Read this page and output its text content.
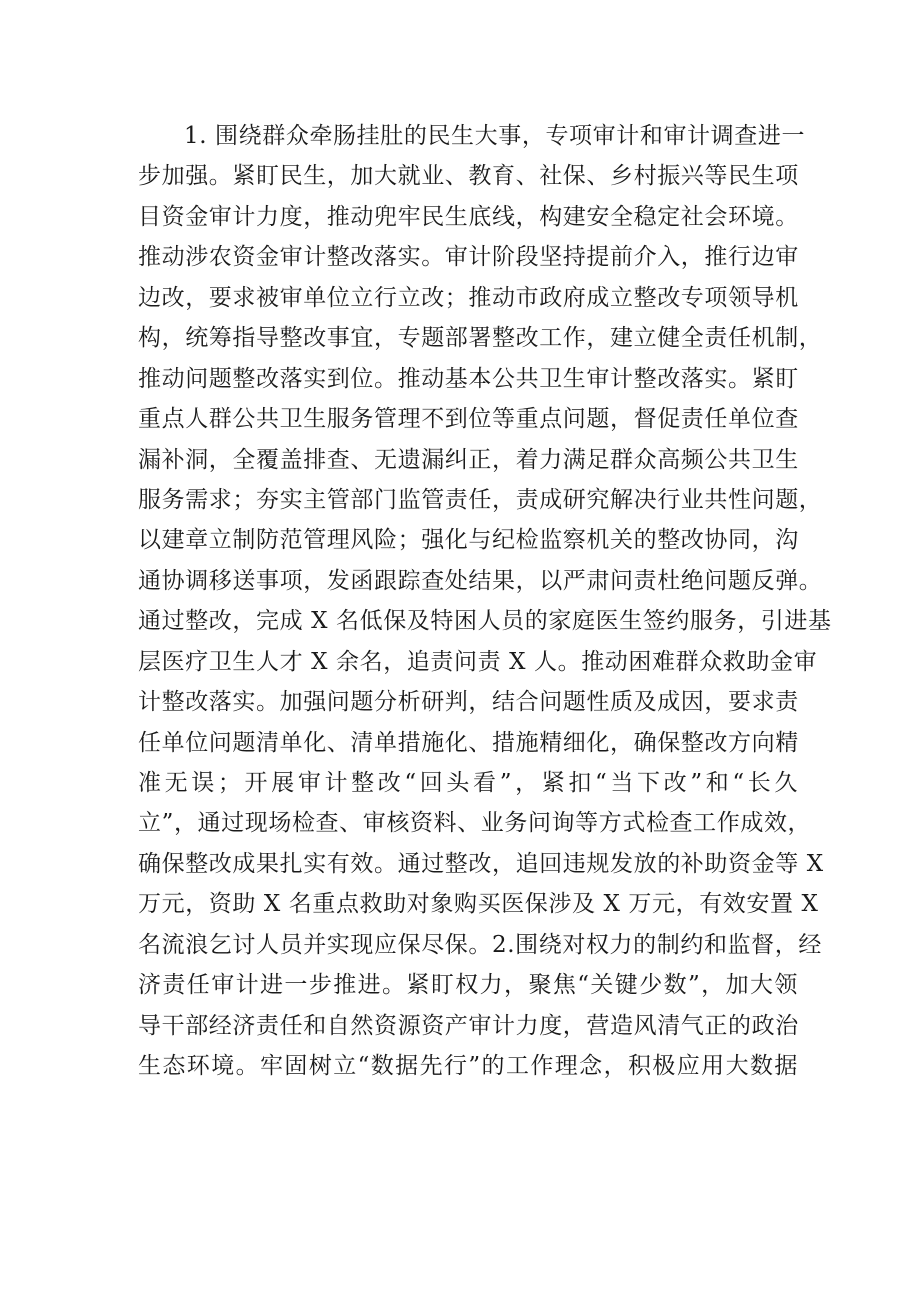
1. 围绕群众牵肠挂肚的民生大事，专项审计和审计调查进一
步加强。紧盯民生，加大就业、教育、社保、乡村振兴等民生项
目资金审计力度，推动兜牢民生底线，构建安全稳定社会环境。
推动涉农资金审计整改落实。审计阶段坚持提前介入，推行边审
边改，要求被审单位立行立改；推动市政府成立整改专项领导机
构，统筹指导整改事宜，专题部署整改工作，建立健全责任机制，
推动问题整改落实到位。推动基本公共卫生审计整改落实。紧盯
重点人群公共卫生服务管理不到位等重点问题，督促责任单位查
漏补洞，全覆盖排查、无遗漏纠正，着力满足群众高频公共卫生
服务需求；夯实主管部门监管责任，责成研究解决行业共性问题，
以建章立制防范管理风险；强化与纪检监察机关的整改协同，沟
通协调移送事项，发函跟踪查处结果，以严肃问责杜绝问题反弹。
通过整改，完成 X 名低保及特困人员的家庭医生签约服务，引进基
层医疗卫生人才 X 余名，追责问责 X 人。推动困难群众救助金审
计整改落实。加强问题分析研判，结合问题性质及成因，要求责
任单位问题清单化、清单措施化、措施精细化，确保整改方向精
准无误；开展审计整改“回头看”，紧扣“当下改”和“长久
立”，通过现场检查、审核资料、业务问询等方式检查工作成效，
确保整改成果扎实有效。通过整改，追回违规发放的补助资金等 X
万元，资助 X 名重点救助对象购买医保涉及 X 万元，有效安置 X
名流浪乞讨人员并实现应保尽保。2.围绕对权力的制约和监督，经
济责任审计进一步推进。紧盯权力，聚焦“关键少数”，加大领
导干部经济责任和自然资源资产审计力度，营造风清气正的政治
生态环境。牢固树立“数据先行”的工作理念，积极应用大数据
